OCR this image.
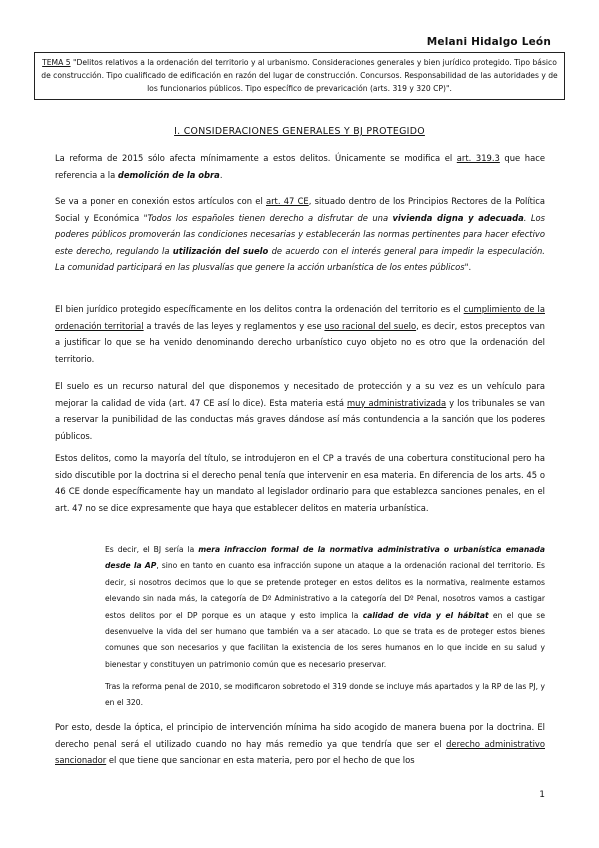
Melani Hidalgo León
TEMA 5 "Delitos relativos a la ordenación del territorio y al urbanismo. Consideraciones generales y bien jurídico protegido. Tipo básico de construcción. Tipo cualificado de edificación en razón del lugar de construcción. Concursos. Responsabilidad de las autoridades y de los funcionarios públicos. Tipo específico de prevaricación (arts. 319 y 320 CP)".
I. CONSIDERACIONES GENERALES Y BJ PROTEGIDO

La reforma de 2015 sólo afecta mínimamente a estos delitos. Únicamente se modifica el art. 319.3 que hace referencia a la demolición de la obra.

Se va a poner en conexión estos artículos con el art. 47 CE, situado dentro de los Principios Rectores de la Política Social y Económica "Todos los españoles tienen derecho a disfrutar de una vivienda digna y adecuada. Los poderes públicos promoverán las condiciones necesarias y establecerán las normas pertinentes para hacer efectivo este derecho, regulando la utilización del suelo de acuerdo con el interés general para impedir la especulación. La comunidad participará en las plusvalías que genere la acción urbanística de los entes públicos".

El bien jurídico protegido específicamente en los delitos contra la ordenación del territorio es el cumplimiento de la ordenación territorial a través de las leyes y reglamentos y ese uso racional del suelo, es decir, estos preceptos van a justificar lo que se ha venido denominando derecho urbanístico cuyo objeto no es otro que la ordenación del territorio.

El suelo es un recurso natural del que disponemos y necesitado de protección y a su vez es un vehículo para mejorar la calidad de vida (art. 47 CE así lo dice). Esta materia está muy administrativizada y los tribunales se van a reservar la punibilidad de las conductas más graves dándose así más contundencia a la sanción que los poderes públicos.

Estos delitos, como la mayoría del título, se introdujeron en el CP a través de una cobertura constitucional pero ha sido discutible por la doctrina si el derecho penal tenía que intervenir en esa materia. En diferencia de los arts. 45 o 46 CE donde específicamente hay un mandato al legislador ordinario para que establezca sanciones penales, en el art. 47 no se dice expresamente que haya que establecer delitos en materia urbanística.

Es decir, el BJ sería la mera infraccion formal de la normativa administrativa o urbanística emanada desde la AP, sino en tanto en cuanto esa infracción supone un ataque a la ordenación racional del territorio. Es decir, si nosotros decimos que lo que se pretende proteger en estos delitos es la normativa, realmente estamos elevando sin nada más, la categoría de Dº Administrativo a la categoría del Dº Penal, nosotros vamos a castigar estos delitos por el DP porque es un ataque y esto implica la calidad de vida y el hábitat en el que se desenvuelve la vida del ser humano que también va a ser atacado. Lo que se trata es de proteger estos bienes comunes que son necesarios y que facilitan la existencia de los seres humanos en lo que incide en su salud y bienestar y constituyen un patrimonio común que es necesario preservar.

Tras la reforma penal de 2010, se modificaron sobretodo el 319 donde se incluye más apartados y la RP de las PJ, y en el 320.

Por esto, desde la óptica, el principio de intervención mínima ha sido acogido de manera buena por la doctrina. El derecho penal será el utilizado cuando no hay más remedio ya que tendría que ser el derecho administrativo sancionador el que tiene que sancionar en esta materia, pero por el hecho de que los

1
